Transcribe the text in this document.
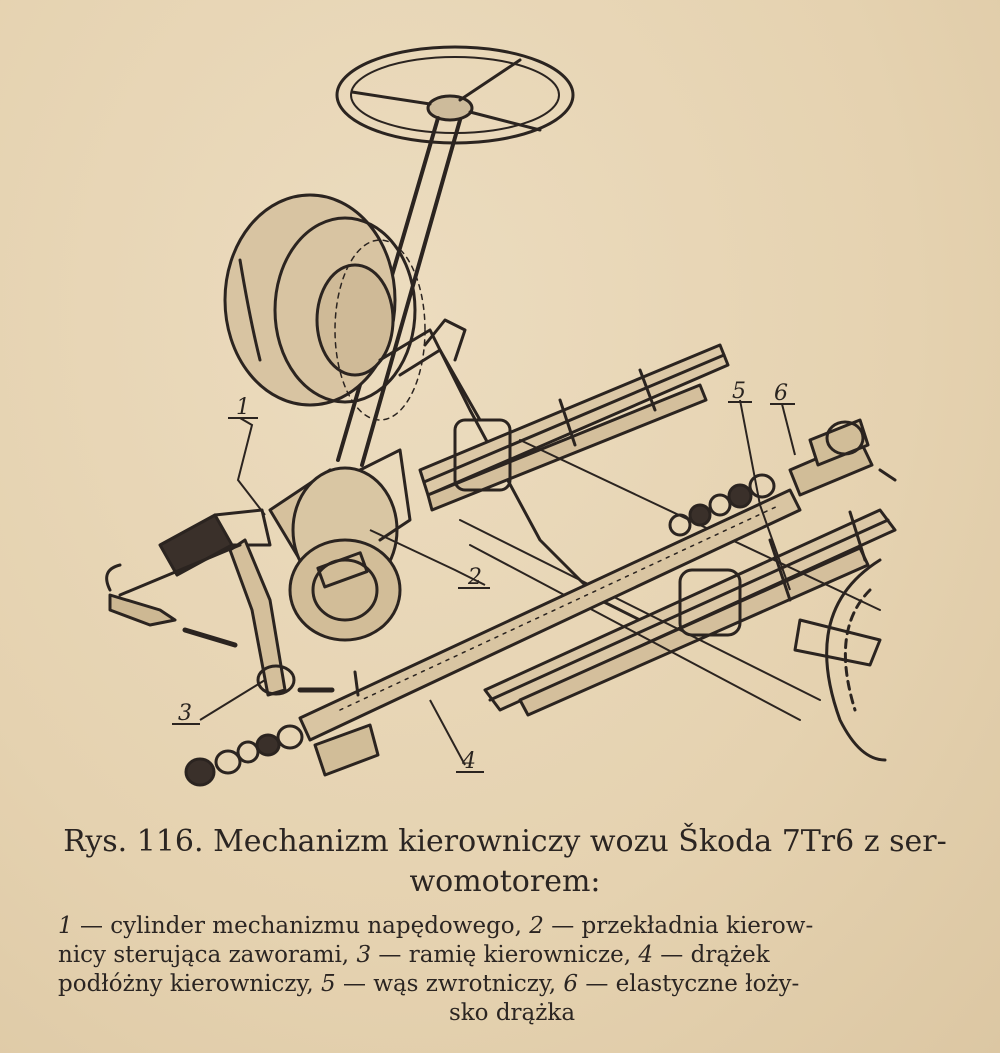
1
2
3
4
5 6
Rys. 116. Mechanizm kierowniczy wozu Škoda 7Tr6 z ser-
womotorem:
1 — cylinder mechanizmu napędowego, 2 — przekładnia kierow-
nicy sterująca zaworami, 3 — ramię kierownicze, 4 — drążek
podłóżny kierowniczy, 5 — wąs zwrotniczy, 6 — elastyczne łoży-
sko drążka
